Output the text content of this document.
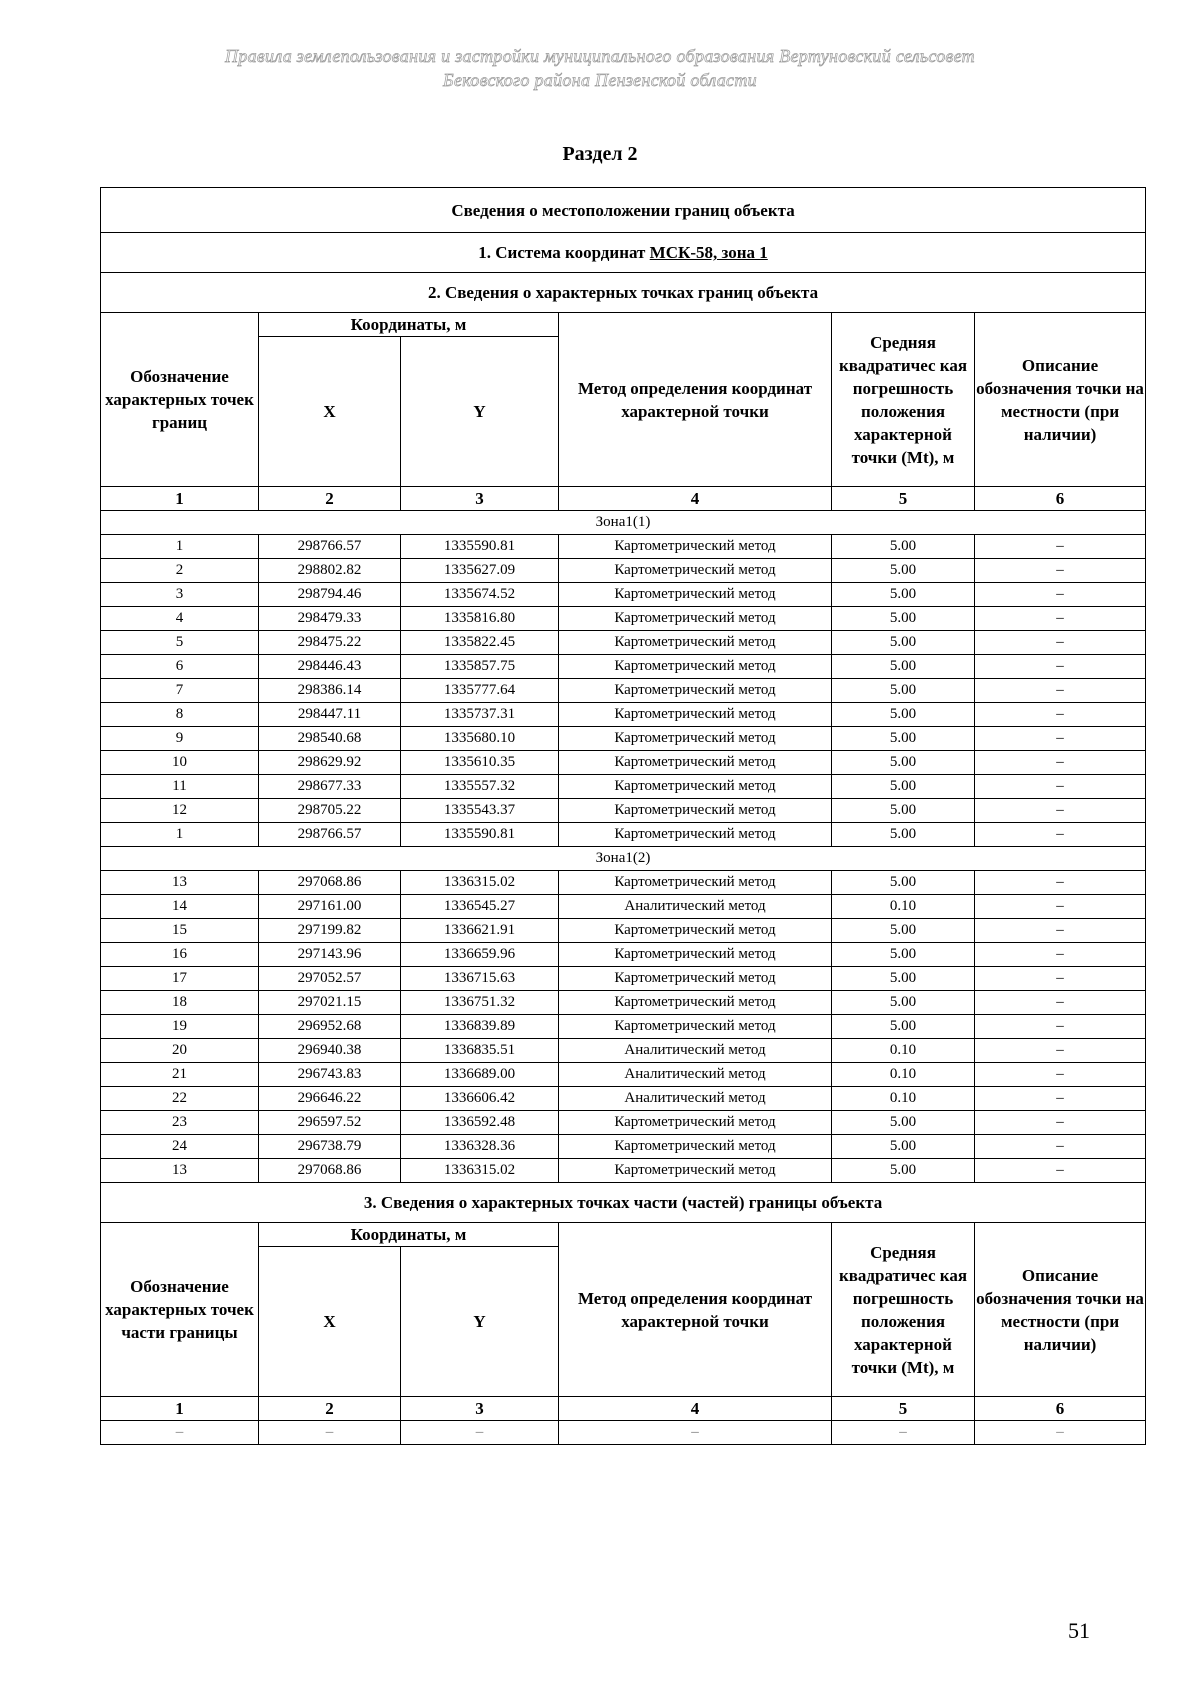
Правила землепользования и застройки муниципального образования Вертуновский сельсовет
Бековского района Пензенской области
Раздел 2
Сведения о местоположении границ объекта					
1. Система координат МСК-58, зона 1					
2. Сведения о характерных точках границ объекта					
Обозначение характерных точек границ	Координаты, м		Метод определения координат характерной точки	Средняя квадратичес кая погрешность положения характерной точки (Mt), м	Описание обозначения точки на местности (при наличии)
	X	Y			
1	2	3	4	5	6
Зона1(1)					
1	298766.57	1335590.81	Картометрический метод	5.00	–
2	298802.82	1335627.09	Картометрический метод	5.00	–
3	298794.46	1335674.52	Картометрический метод	5.00	–
4	298479.33	1335816.80	Картометрический метод	5.00	–
5	298475.22	1335822.45	Картометрический метод	5.00	–
6	298446.43	1335857.75	Картометрический метод	5.00	–
7	298386.14	1335777.64	Картометрический метод	5.00	–
8	298447.11	1335737.31	Картометрический метод	5.00	–
9	298540.68	1335680.10	Картометрический метод	5.00	–
10	298629.92	1335610.35	Картометрический метод	5.00	–
11	298677.33	1335557.32	Картометрический метод	5.00	–
12	298705.22	1335543.37	Картометрический метод	5.00	–
1	298766.57	1335590.81	Картометрический метод	5.00	–
Зона1(2)					
13	297068.86	1336315.02	Картометрический метод	5.00	–
14	297161.00	1336545.27	Аналитический метод	0.10	–
15	297199.82	1336621.91	Картометрический метод	5.00	–
16	297143.96	1336659.96	Картометрический метод	5.00	–
17	297052.57	1336715.63	Картометрический метод	5.00	–
18	297021.15	1336751.32	Картометрический метод	5.00	–
19	296952.68	1336839.89	Картометрический метод	5.00	–
20	296940.38	1336835.51	Аналитический метод	0.10	–
21	296743.83	1336689.00	Аналитический метод	0.10	–
22	296646.22	1336606.42	Аналитический метод	0.10	–
23	296597.52	1336592.48	Картометрический метод	5.00	–
24	296738.79	1336328.36	Картометрический метод	5.00	–
13	297068.86	1336315.02	Картометрический метод	5.00	–
3. Сведения о характерных точках части (частей) границы объекта					
Обозначение характерных точек части границы	Координаты, м		Метод определения координат характерной точки	Средняя квадратичес кая погрешность положения характерной точки (Mt), м	Описание обозначения точки на местности (при наличии)
	X	Y			
1	2	3	4	5	6
–	–	–	–	–	–
51
